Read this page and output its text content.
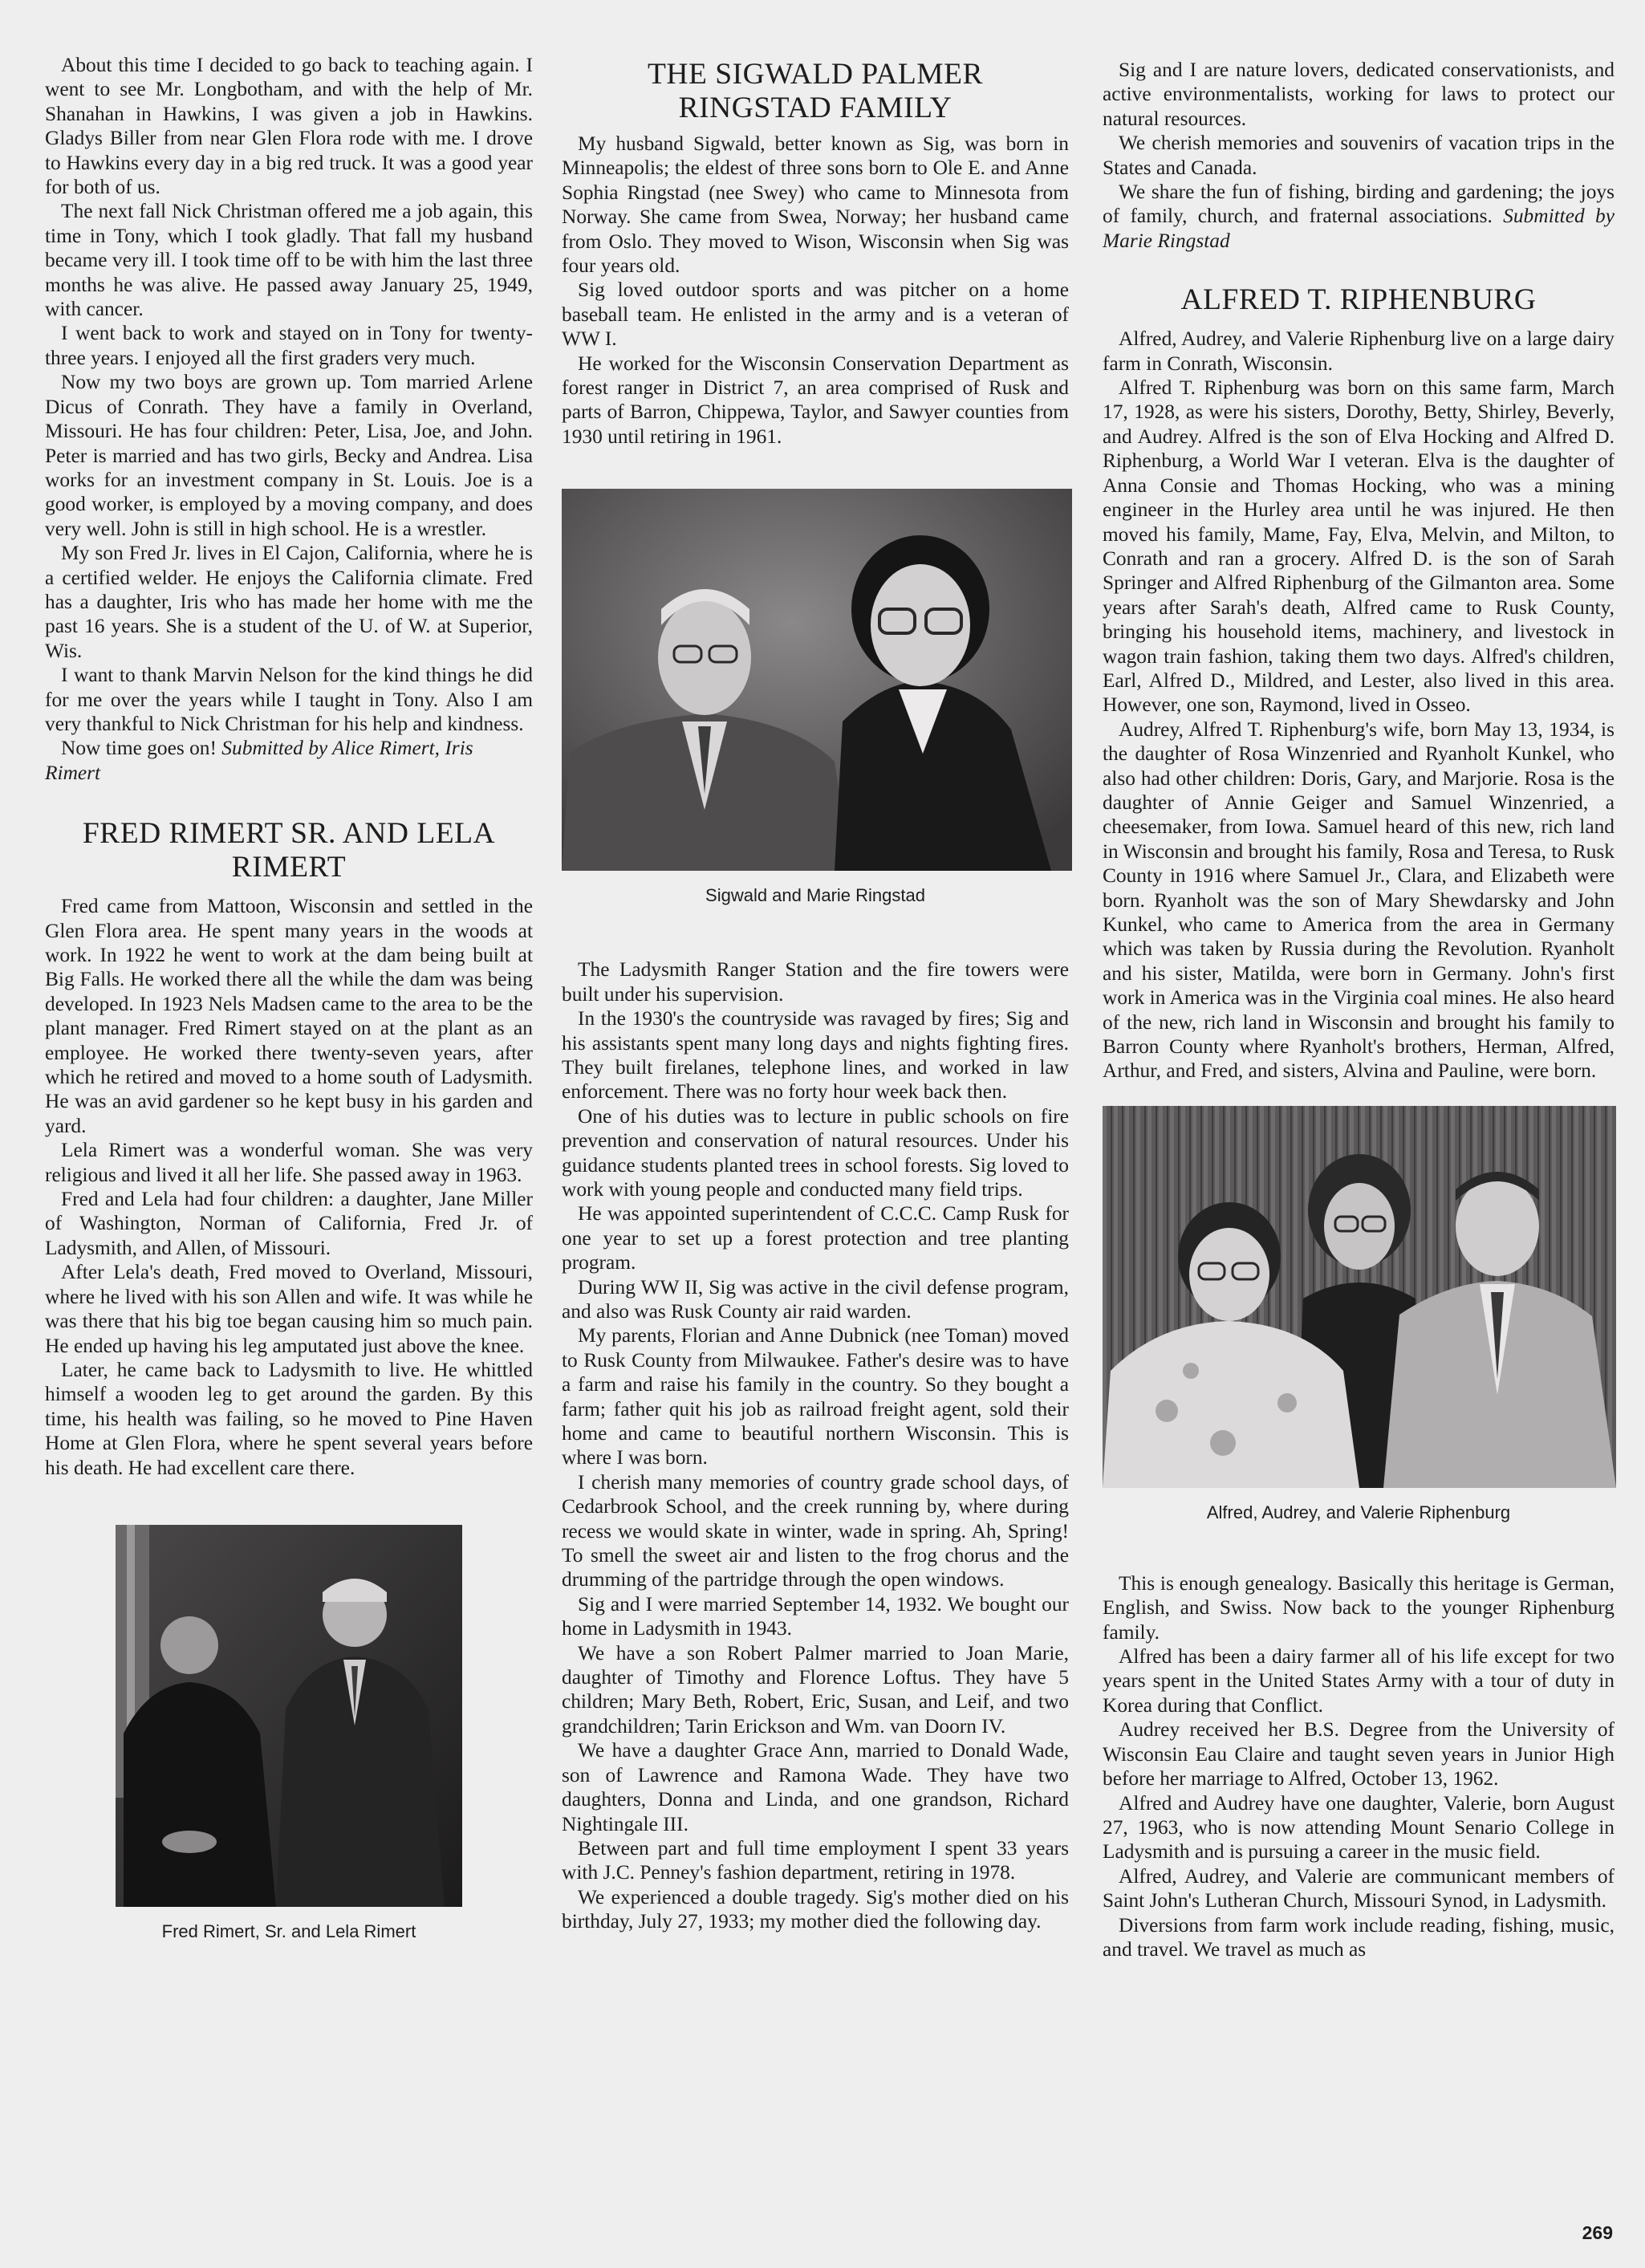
About this time I decided to go back to teaching again. I went to see Mr. Longbotham, and with the help of Mr. Shanahan in Hawkins, I was given a job in Hawkins. Gladys Biller from near Glen Flora rode with me. I drove to Hawkins every day in a big red truck. It was a good year for both of us.

The next fall Nick Christman offered me a job again, this time in Tony, which I took gladly. That fall my husband became very ill. I took time off to be with him the last three months he was alive. He passed away January 25, 1949, with cancer.

I went back to work and stayed on in Tony for twenty-three years. I enjoyed all the first graders very much.

Now my two boys are grown up. Tom married Arlene Dicus of Conrath. They have a family in Overland, Missouri. He has four children: Peter, Lisa, Joe, and John. Peter is married and has two girls, Becky and Andrea. Lisa works for an investment company in St. Louis. Joe is a good worker, is employed by a moving company, and does very well. John is still in high school. He is a wrestler.

My son Fred Jr. lives in El Cajon, California, where he is a certified welder. He enjoys the California climate. Fred has a daughter, Iris who has made her home with me the past 16 years. She is a student of the U. of W. at Superior, Wis.

I want to thank Marvin Nelson for the kind things he did for me over the years while I taught in Tony. Also I am very thankful to Nick Christman for his help and kindness.

Now time goes on! Submitted by Alice Rimert, Iris Rimert

FRED RIMERT SR. AND LELA RIMERT

Fred came from Mattoon, Wisconsin and settled in the Glen Flora area. He spent many years in the woods at work. In 1922 he went to work at the dam being built at Big Falls. He worked there all the while the dam was being developed. In 1923 Nels Madsen came to the area to be the plant manager. Fred Rimert stayed on at the plant as an employee. He worked there twenty-seven years, after which he retired and moved to a home south of Ladysmith. He was an avid gardener so he kept busy in his garden and yard.

Lela Rimert was a wonderful woman. She was very religious and lived it all her life. She passed away in 1963.

Fred and Lela had four children: a daughter, Jane Miller of Washington, Norman of California, Fred Jr. of Ladysmith, and Allen, of Missouri.

After Lela's death, Fred moved to Overland, Missouri, where he lived with his son Allen and wife. It was while he was there that his big toe began causing him so much pain. He ended up having his leg amputated just above the knee.

Later, he came back to Ladysmith to live. He whittled himself a wooden leg to get around the garden. By this time, his health was failing, so he moved to Pine Haven Home at Glen Flora, where he spent several years before his death. He had excellent care there.

Fred Rimert, Sr. and Lela Rimert

THE SIGWALD PALMER RINGSTAD FAMILY

My husband Sigwald, better known as Sig, was born in Minneapolis; the eldest of three sons born to Ole E. and Anne Sophia Ringstad (nee Swey) who came to Minnesota from Norway. She came from Swea, Norway; her husband came from Oslo. They moved to Wison, Wisconsin when Sig was four years old.

Sig loved outdoor sports and was pitcher on a home baseball team. He enlisted in the army and is a veteran of WW I.

He worked for the Wisconsin Conservation Department as forest ranger in District 7, an area comprised of Rusk and parts of Barron, Chippewa, Taylor, and Sawyer counties from 1930 until retiring in 1961.

Sigwald and Marie Ringstad

The Ladysmith Ranger Station and the fire towers were built under his supervision.

In the 1930's the countryside was ravaged by fires; Sig and his assistants spent many long days and nights fighting fires. They built firelanes, telephone lines, and worked in law enforcement. There was no forty hour week back then.

One of his duties was to lecture in public schools on fire prevention and conservation of natural resources. Under his guidance students planted trees in school forests. Sig loved to work with young people and conducted many field trips.

He was appointed superintendent of C.C.C. Camp Rusk for one year to set up a forest protection and tree planting program.

During WW II, Sig was active in the civil defense program, and also was Rusk County air raid warden.

My parents, Florian and Anne Dubnick (nee Toman) moved to Rusk County from Milwaukee. Father's desire was to have a farm and raise his family in the country. So they bought a farm; father quit his job as railroad freight agent, sold their home and came to beautiful northern Wisconsin. This is where I was born.

I cherish many memories of country grade school days, of Cedarbrook School, and the creek running by, where during recess we would skate in winter, wade in spring. Ah, Spring! To smell the sweet air and listen to the frog chorus and the drumming of the partridge through the open windows.

Sig and I were married September 14, 1932. We bought our home in Ladysmith in 1943.

We have a son Robert Palmer married to Joan Marie, daughter of Timothy and Florence Loftus. They have 5 children; Mary Beth, Robert, Eric, Susan, and Leif, and two grandchildren; Tarin Erickson and Wm. van Doorn IV.

We have a daughter Grace Ann, married to Donald Wade, son of Lawrence and Ramona Wade. They have two daughters, Donna and Linda, and one grandson, Richard Nightingale III.

Between part and full time employment I spent 33 years with J.C. Penney's fashion department, retiring in 1978.

We experienced a double tragedy. Sig's mother died on his birthday, July 27, 1933; my mother died the following day.

Sig and I are nature lovers, dedicated conservationists, and active environmentalists, working for laws to protect our natural resources.

We cherish memories and souvenirs of vacation trips in the States and Canada.

We share the fun of fishing, birding and gardening; the joys of family, church, and fraternal associations. Submitted by Marie Ringstad

ALFRED T. RIPHENBURG

Alfred, Audrey, and Valerie Riphenburg live on a large dairy farm in Conrath, Wisconsin.

Alfred T. Riphenburg was born on this same farm, March 17, 1928, as were his sisters, Dorothy, Betty, Shirley, Beverly, and Audrey. Alfred is the son of Elva Hocking and Alfred D. Riphenburg, a World War I veteran. Elva is the daughter of Anna Consie and Thomas Hocking, who was a mining engineer in the Hurley area until he was injured. He then moved his family, Mame, Fay, Elva, Melvin, and Milton, to Conrath and ran a grocery. Alfred D. is the son of Sarah Springer and Alfred Riphenburg of the Gilmanton area. Some years after Sarah's death, Alfred came to Rusk County, bringing his household items, machinery, and livestock in wagon train fashion, taking them two days. Alfred's children, Earl, Alfred D., Mildred, and Lester, also lived in this area. However, one son, Raymond, lived in Osseo.

Audrey, Alfred T. Riphenburg's wife, born May 13, 1934, is the daughter of Rosa Winzenried and Ryanholt Kunkel, who also had other children: Doris, Gary, and Marjorie. Rosa is the daughter of Annie Geiger and Samuel Winzenried, a cheesemaker, from Iowa. Samuel heard of this new, rich land in Wisconsin and brought his family, Rosa and Teresa, to Rusk County in 1916 where Samuel Jr., Clara, and Elizabeth were born. Ryanholt was the son of Mary Shewdarsky and John Kunkel, who came to America from the area in Germany which was taken by Russia during the Revolution. Ryanholt and his sister, Matilda, were born in Germany. John's first work in America was in the Virginia coal mines. He also heard of the new, rich land in Wisconsin and brought his family to Barron County where Ryanholt's brothers, Herman, Alfred, Arthur, and Fred, and sisters, Alvina and Pauline, were born.

Alfred, Audrey, and Valerie Riphenburg

This is enough genealogy. Basically this heritage is German, English, and Swiss. Now back to the younger Riphenburg family.

Alfred has been a dairy farmer all of his life except for two years spent in the United States Army with a tour of duty in Korea during that Conflict.

Audrey received her B.S. Degree from the University of Wisconsin Eau Claire and taught seven years in Junior High before her marriage to Alfred, October 13, 1962.

Alfred and Audrey have one daughter, Valerie, born August 27, 1963, who is now attending Mount Senario College in Ladysmith and is pursuing a career in the music field.

Alfred, Audrey, and Valerie are communicant members of Saint John's Lutheran Church, Missouri Synod, in Ladysmith.

Diversions from farm work include reading, fishing, music, and travel. We travel as much as

269
